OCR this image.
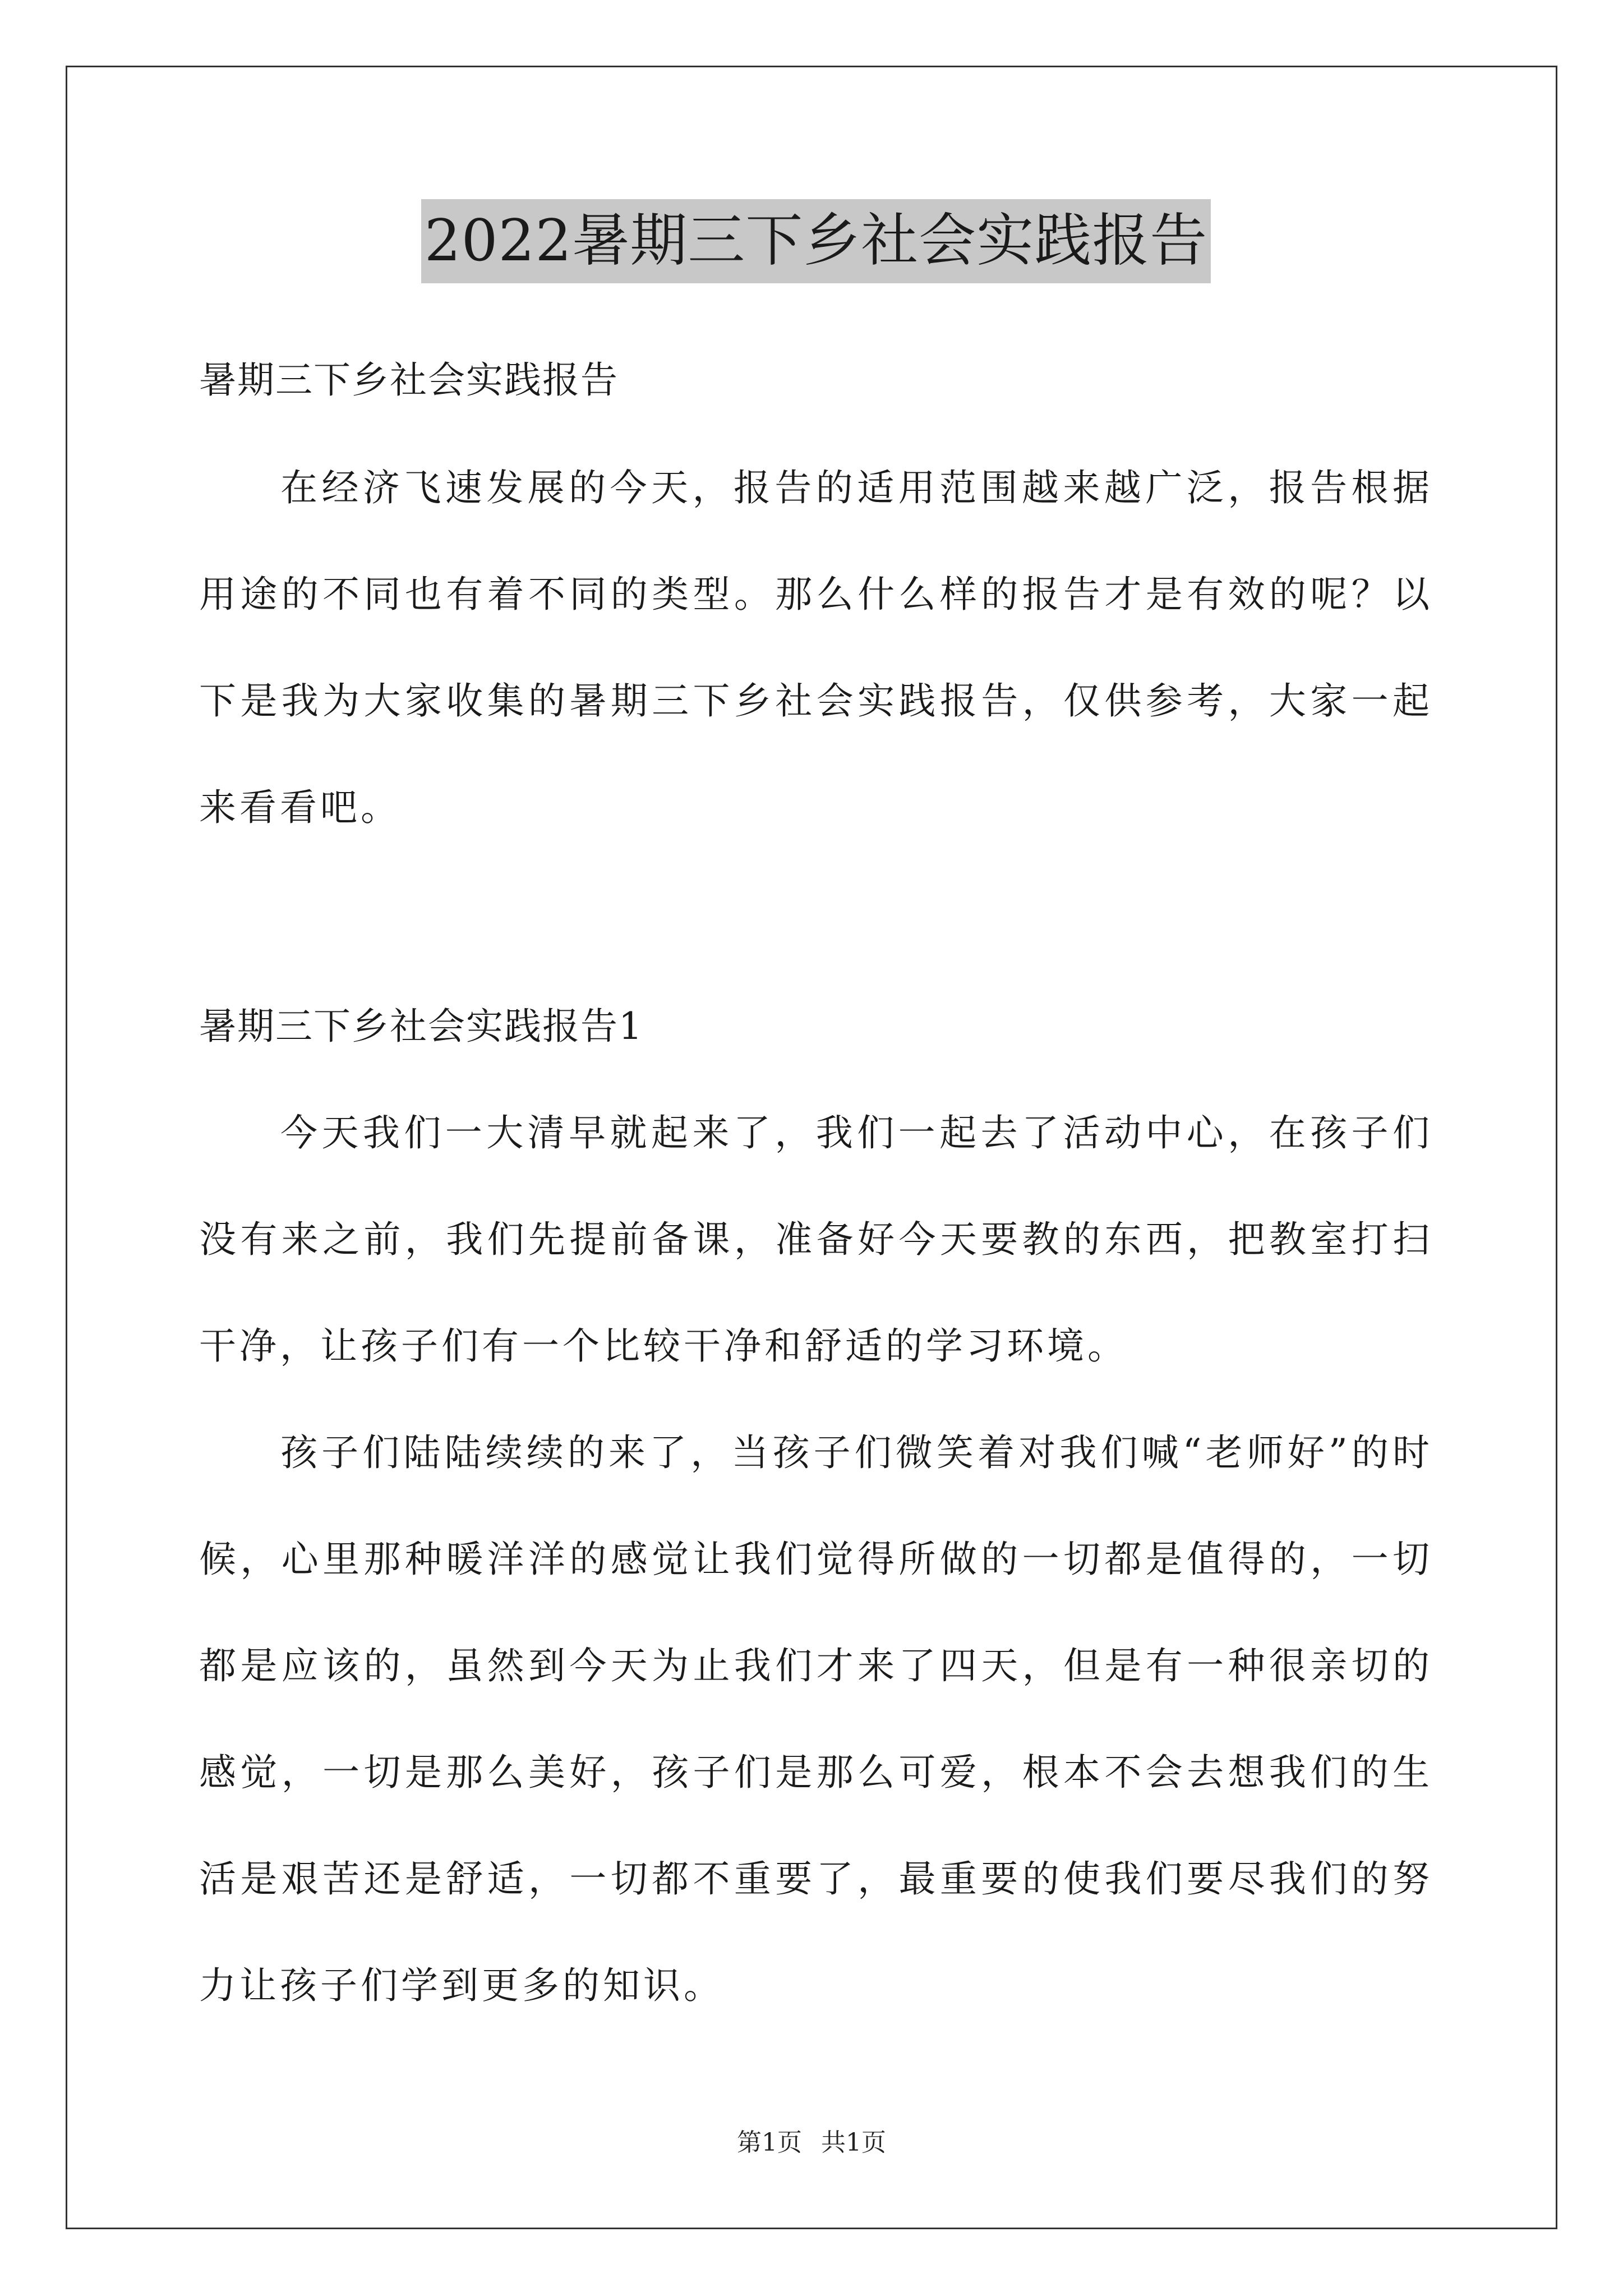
2022暑期三下乡社会实践报告
暑期三下乡社会实践报告
在经济飞速发展的今天，报告的适用范围越来越广泛，报告根据用途的不同也有着不同的类型。那么什么样的报告才是有效的呢？以下是我为大家收集的暑期三下乡社会实践报告，仅供参考，大家一起来看看吧。
暑期三下乡社会实践报告1
今天我们一大清早就起来了，我们一起去了活动中心，在孩子们没有来之前，我们先提前备课，准备好今天要教的东西，把教室打扫干净，让孩子们有一个比较干净和舒适的学习环境。
孩子们陆陆续续的来了，当孩子们微笑着对我们喊“老师好”的时候，心里那种暖洋洋的感觉让我们觉得所做的一切都是值得的，一切都是应该的，虽然到今天为止我们才来了四天，但是有一种很亲切的感觉，一切是那么美好，孩子们是那么可爱，根本不会去想我们的生活是艰苦还是舒适，一切都不重要了，最重要的使我们要尽我们的努力让孩子们学到更多的知识。
第1页 共1页
